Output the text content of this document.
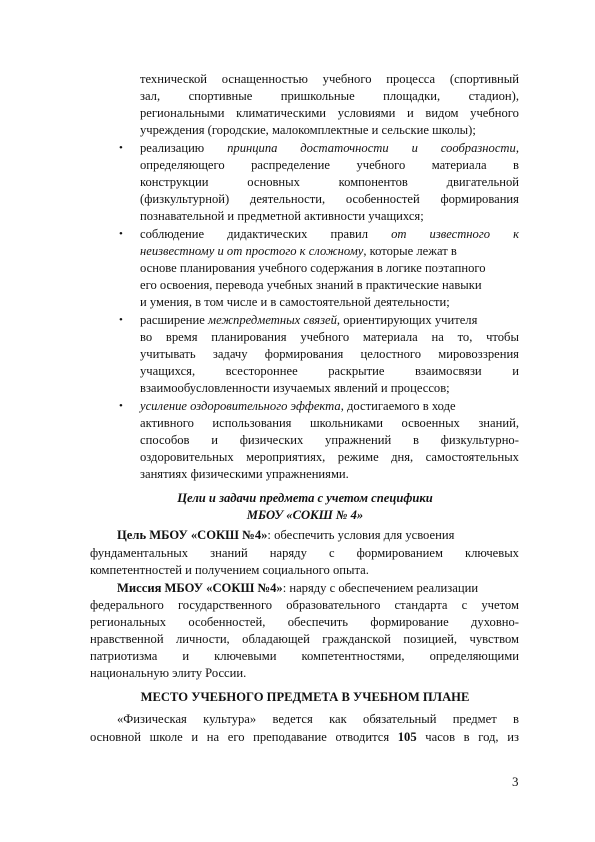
технической оснащенностью учебного процесса (спортивный
зал, спортивные пришкольные площадки, стадион),
региональными климатическими условиями и видом учебного
учреждения (городские, малокомплектные и сельские школы);
• реализацию принципа достаточности и сообразности,
определяющего распределение учебного материала в
конструкции	основных	компонентов	двигательной
(физкультурной) деятельности, особенностей формирования
познавательной и предметной активности учащихся;
• соблюдение дидактических правил от известного к
неизвестному и от простого к сложному, которые лежат в
основе планирования учебного содержания в логике поэтапного
его освоения, перевода учебных знаний в практические навыки
и умения, в том числе и в самостоятельной деятельности;
• расширение межпредметных связей, ориентирующих учителя
во время планирования учебного материала на то, чтобы
учитывать задачу формирования целостного мировоззрения
учащихся, всестороннее раскрытие взаимосвязи и
взаимообусловленности изучаемых явлений и процессов;
• усиление оздоровительного эффекта, достигаемого в ходе
активного использования школьниками освоенных знаний,
способов и физических упражнений в физкультурно-
оздоровительных мероприятиях, режиме дня, самостоятельных
занятиях физическими упражнениями.
Цели и задачи предмета с учетом специфики
МБОУ «СОКШ № 4»
Цель МБОУ «СОКШ №4»: обеспечить условия для усвоения
фундаментальных знаний наряду с формированием ключевых
компетентностей и получением социального опыта.
Миссия МБОУ «СОКШ №4»: наряду с обеспечением реализации
федерального государственного образовательного стандарта с учетом
региональных особенностей, обеспечить формирование духовно-
нравственной личности, обладающей гражданской позицией, чувством
патриотизма и ключевыми компетентностями, определяющими
национальную элиту России.
МЕСТО УЧЕБНОГО ПРЕДМЕТА В УЧЕБНОМ ПЛАНЕ
«Физическая культура» ведется как обязательный предмет в
основной школе и на его преподавание отводится 105 часов в год, из
3
